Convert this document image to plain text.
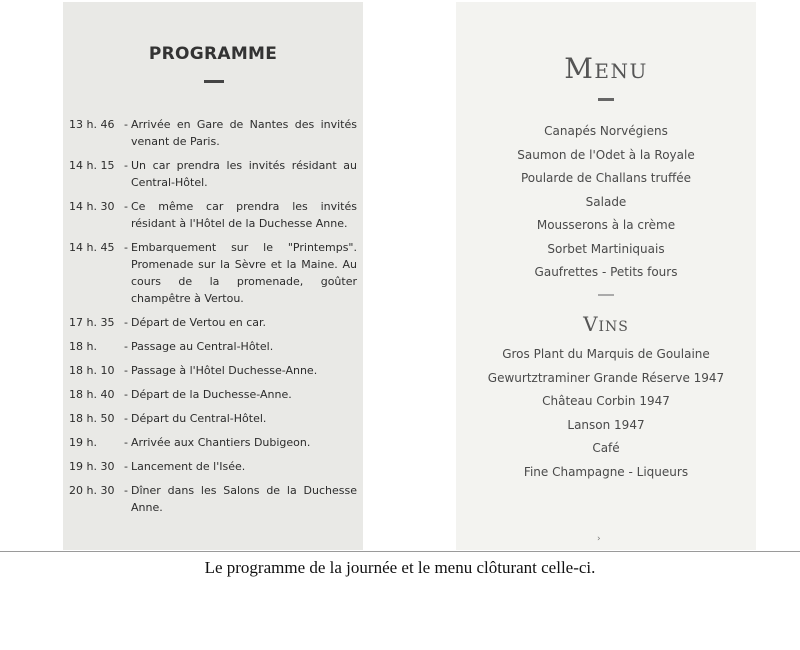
PROGRAMME
13 h. 46 - Arrivée en Gare de Nantes des invités venant de Paris.
14 h. 15 - Un car prendra les invités résidant au Central-Hôtel.
14 h. 30 - Ce même car prendra les invités résidant à l'Hôtel de la Duchesse Anne.
14 h. 45 - Embarquement sur le "Printemps". Promenade sur la Sèvre et la Maine. Au cours de la promenade, goûter champêtre à Vertou.
17 h. 35 - Départ de Vertou en car.
18 h.	- Passage au Central-Hôtel.
18 h. 10 - Passage à l'Hôtel Duchesse-Anne.
18 h. 40 - Départ de la Duchesse-Anne.
18 h. 50 - Départ du Central-Hôtel.
19 h.	- Arrivée aux Chantiers Dubigeon.
19 h. 30 - Lancement de l'Isée.
20 h. 30 - Dîner dans les Salons de la Duchesse Anne.
Menu
Canapés Norvégiens
Saumon de l'Odet à la Royale
Poularde de Challans truffée
Salade
Mousserons à la crème
Sorbet Martiniquais
Gaufrettes - Petits fours
Vins
Gros Plant du Marquis de Goulaine
Gewurtztraminer Grande Réserve 1947
Château Corbin 1947
Lanson 1947
Café
Fine Champagne - Liqueurs
›
Le programme de la journée et le menu clôturant celle-ci.
